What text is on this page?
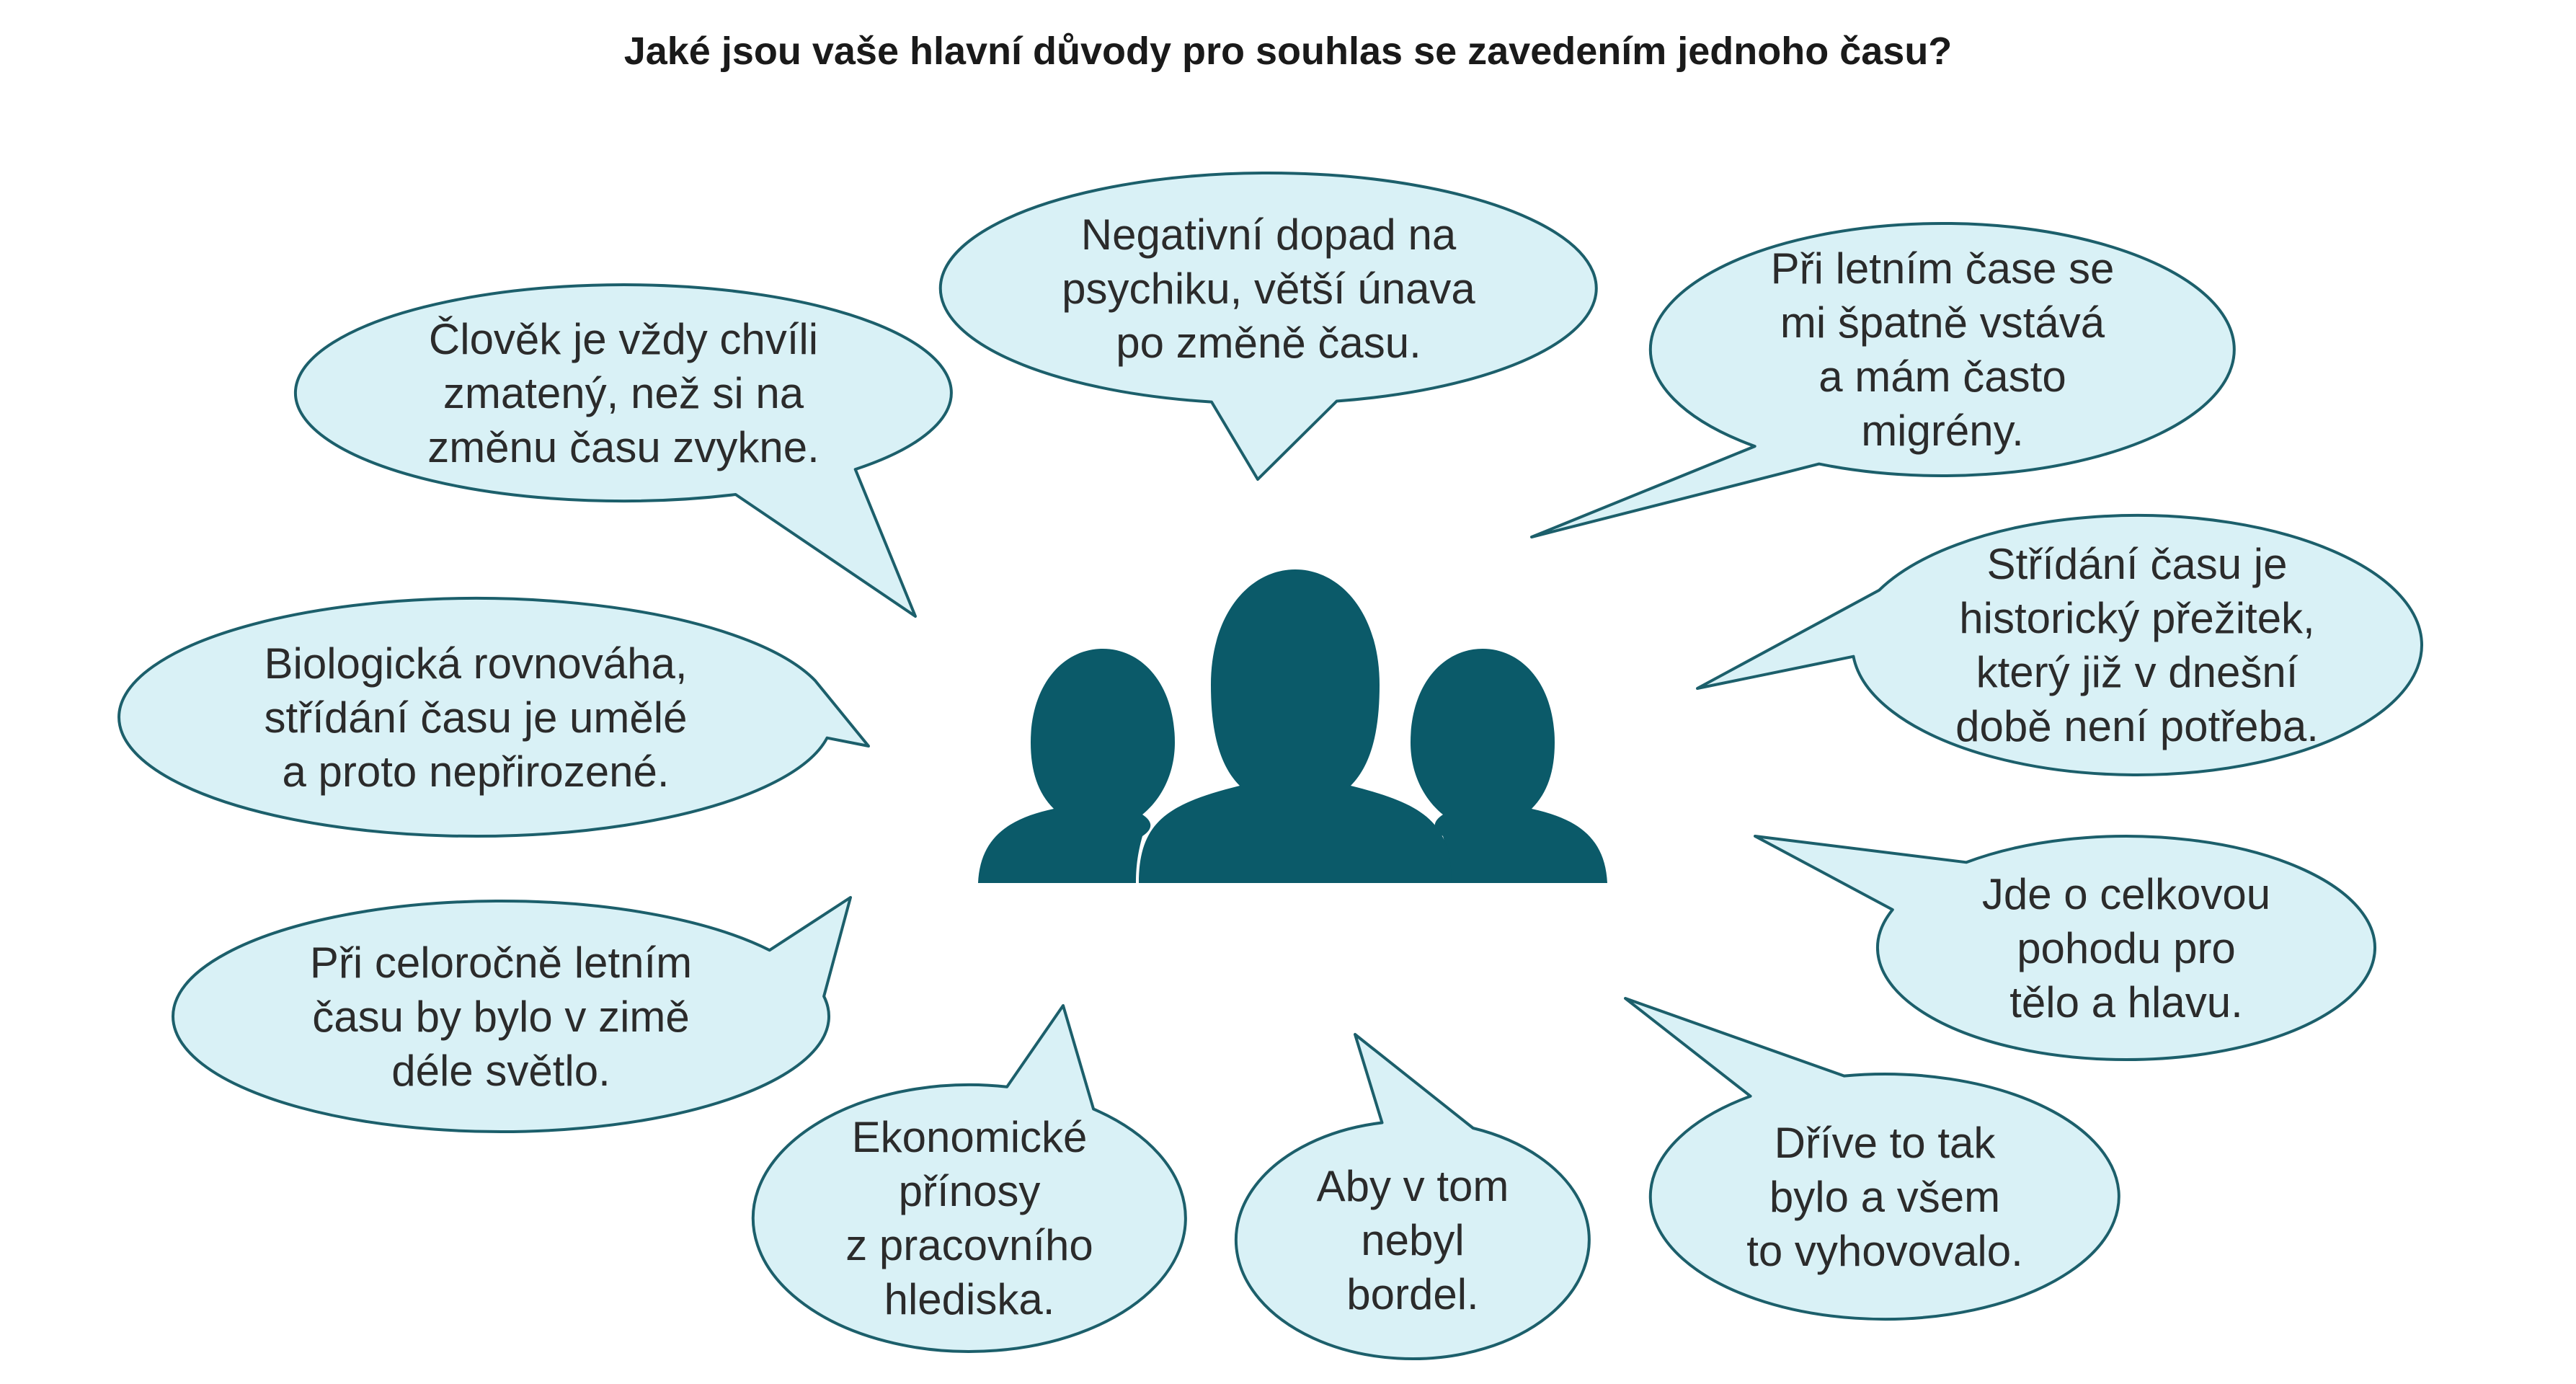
Jaké jsou vaše hlavní důvody pro souhlas se zavedením jednoho času?
Negativní dopad na
psychiku, větší únava
po změně času.
Člověk je vždy chvíli
zmatený, než si na
změnu času zvykne.
Při letním čase se
mi špatně vstává
a mám často
migrény.
Biologická rovnováha,
střídání času je umělé
a proto nepřirozené.
Střídání času je
historický přežitek,
který již v dnešní
době není potřeba.
Jde o celkovou
pohodu pro
tělo a hlavu.
Při celoročně letním
času by bylo v zimě
déle světlo.
Ekonomické
přínosy
z pracovního
hlediska.
Aby v tom
nebyl
bordel.
Dříve to tak
bylo a všem
to vyhovovalo.
